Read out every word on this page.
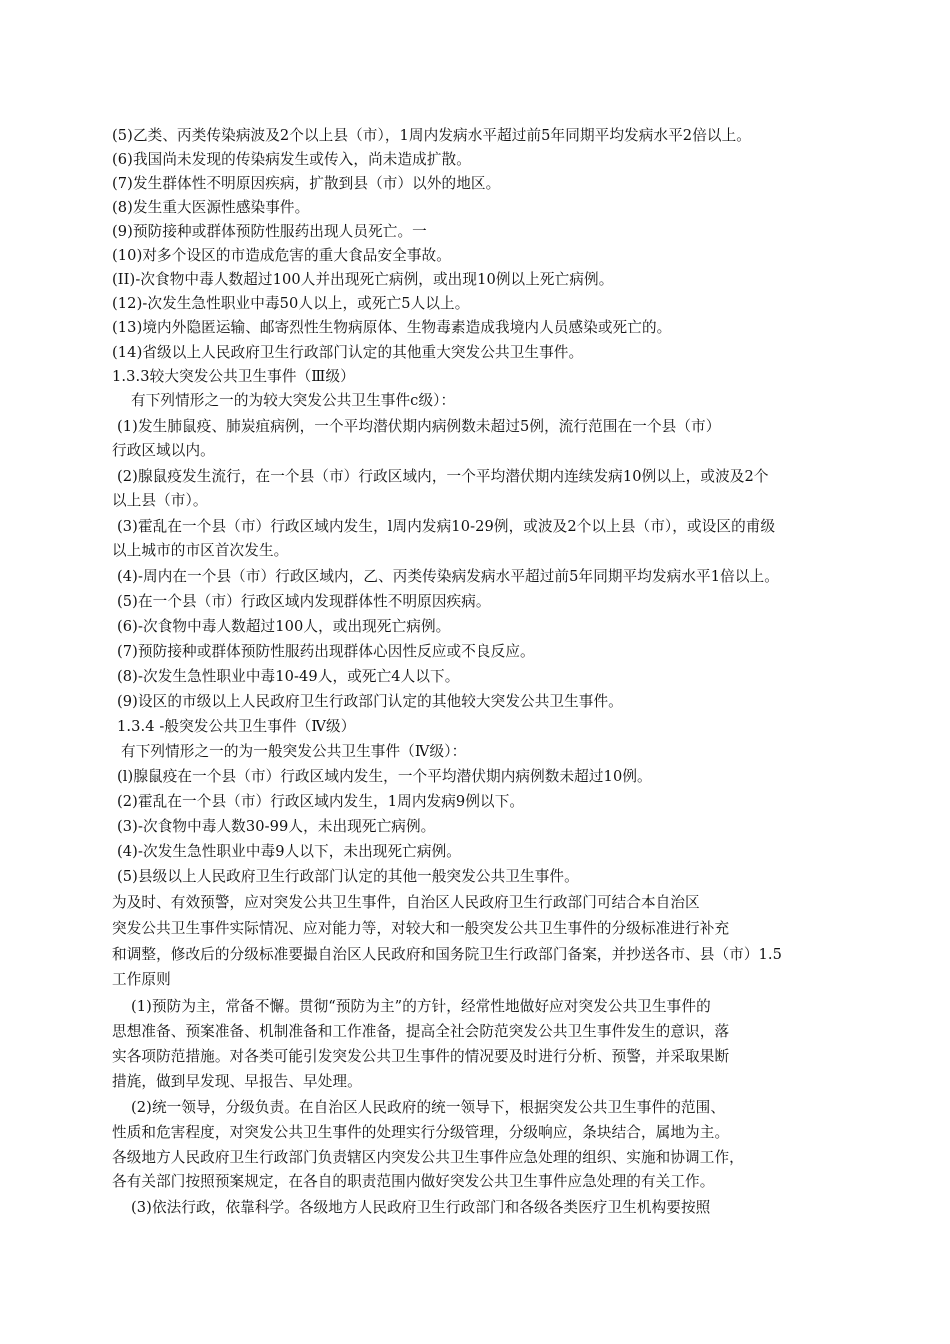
(5)乙类、丙类传染病波及2个以上县（市），1周内发病水平超过前5年同期平均发病水平2倍以上。
(6)我国尚未发现的传染病发生或传入，尚未造成扩散。
(7)发生群体性不明原因疾病，扩散到县（市）以外的地区。
(8)发生重大医源性感染事件。
(9)预防接种或群体预防性服药出现人员死亡。一
(10)对多个设区的市造成危害的重大食品安全事故。
(II)-次食物中毒人数超过100人并出现死亡病例，或出现10例以上死亡病例。
(12)-次发生急性职业中毒50人以上，或死亡5人以上。
(13)境内外隐匿运输、邮寄烈性生物病原体、生物毒素造成我境内人员感染或死亡的。
(14)省级以上人民政府卫生行政部门认定的其他重大突发公共卫生事件。
1.3.3较大突发公共卫生事件（Ⅲ级）
有下列情形之一的为较大突发公共卫生事件c级）：
(1)发生肺鼠疫、肺炭疽病例，一个平均潜伏期内病例数未超过5例，流行范围在一个县（市）
行政区域以内。
(2)腺鼠疫发生流行，在一个县（市）行政区域内，一个平均潜伏期内连续发病10例以上，或波及2个
以上县（市）。
(3)霍乱在一个县（市）行政区域内发生，l周内发病10-29例，或波及2个以上县（市），或设区的甫级
以上城市的市区首次发生。
(4)-周内在一个县（市）行政区域内，乙、丙类传染病发病水平超过前5年同期平均发病水平1倍以上。
(5)在一个县（市）行政区域内发现群体性不明原因疾病。
(6)-次食物中毒人数超过100人，或出现死亡病例。
(7)预防接种或群体预防性服药出现群体心因性反应或不良反应。
(8)-次发生急性职业中毒10-49人，或死亡4人以下。
(9)设区的市级以上人民政府卫生行政部门认定的其他较大突发公共卫生事件。
1.3.4 -般突发公共卫生事件（Ⅳ级）
有下列情形之一的为一般突发公共卫生事件（Ⅳ级）：
(l)腺鼠疫在一个县（市）行政区域内发生，一个平均潜伏期内病例数未超过10例。
(2)霍乱在一个县（市）行政区域内发生，1周内发病9例以下。
(3)-次食物中毒人数30-99人，未出现死亡病例。
(4)-次发生急性职业中毒9人以下，未出现死亡病例。
(5)县级以上人民政府卫生行政部门认定的其他一般突发公共卫生事件。
为及时、有效预警，应对突发公共卫生事件，自治区人民政府卫生行政部门可结合本自治区
突发公共卫生事件实际情况、应对能力等，对较大和一般突发公共卫生事件的分级标准进行补充
和调整，修改后的分级标准要撮自治区人民政府和国务院卫生行政部门备案，并抄送各市、县（市）1.5
工作原则
(1)预防为主，常备不懈。贯彻“预防为主”的方针，经常性地做好应对突发公共卫生事件的
思想准备、预案准备、机制准备和工作准备，提高全社会防范突发公共卫生事件发生的意识，落
实各项防范措施。对各类可能引发突发公共卫生事件的情况要及时进行分析、预警，并采取果断
措旄，做到早发现、早报告、早处理。
(2)统一领导，分级负责。在自治区人民政府的统一领导下，根据突发公共卫生事件的范围、
性质和危害程度，对突发公共卫生事件的处理实行分级管理，分级响应，条块结合，属地为主。
各级地方人民政府卫生行政部门负责辖区内突发公共卫生事件应急处理的组织、实施和协调工作，
各有关部门按照预案规定，在各自的职责范围内做好突发公共卫生事件应急处理的有关工作。
(3)依法行政，依靠科学。各级地方人民政府卫生行政部门和各级各类医疗卫生机构要按照
